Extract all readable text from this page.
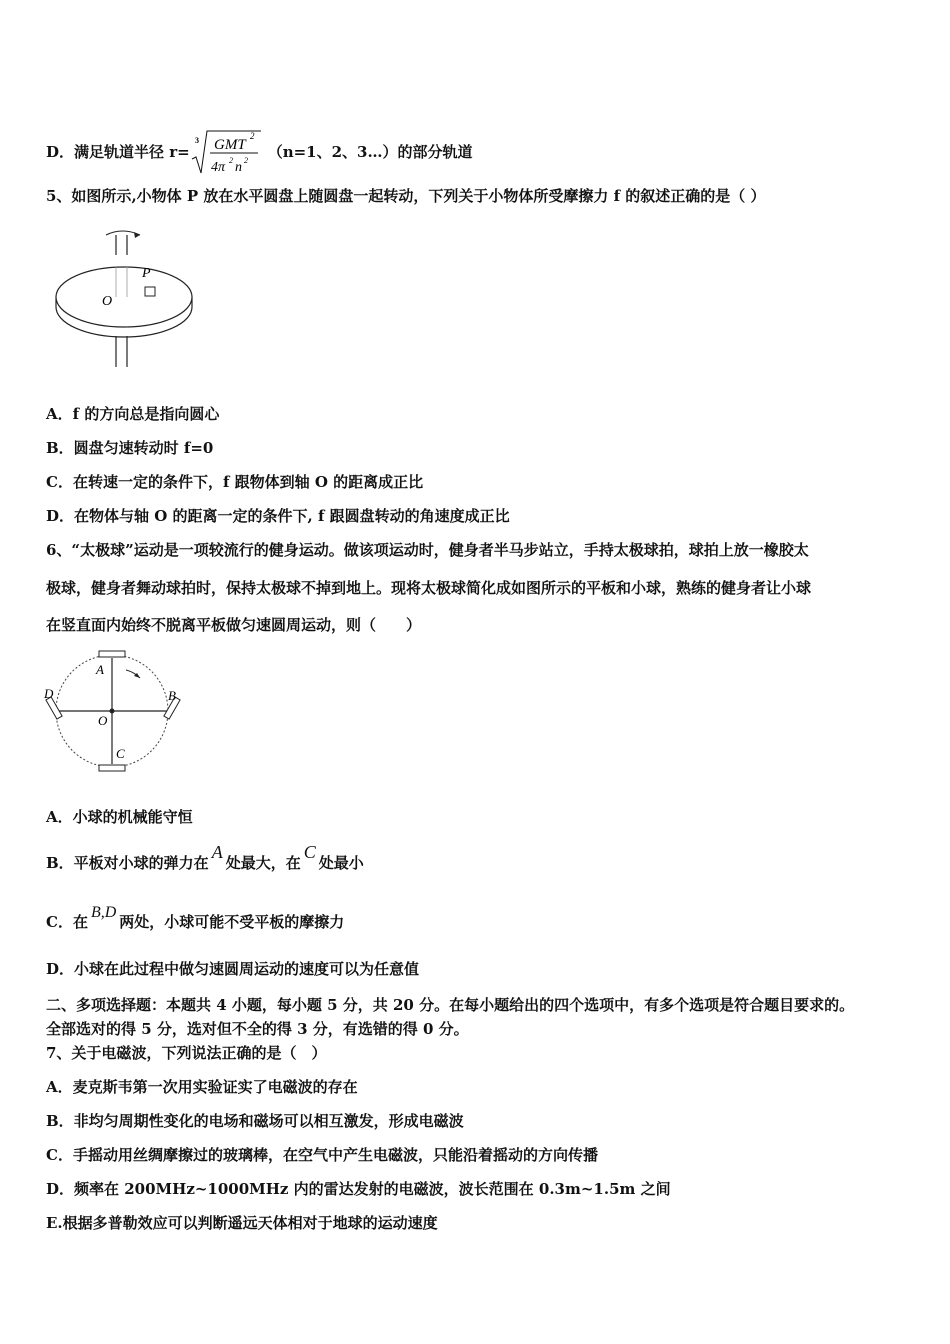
D．满足轨道半径 r=
3 GMT
2
4π 2 n 2 （n=1、2、3…）的部分轨道
5、如图所示,小物体 P 放在水平圆盘上随圆盘一起转动，下列关于小物体所受摩擦力 f 的叙述正确的是（ ）
P
O
A．f 的方向总是指向圆心
B．圆盘匀速转动时 f=0
C．在转速一定的条件下，f 跟物体到轴 O 的距离成正比
D．在物体与轴 O 的距离一定的条件下, f 跟圆盘转动的角速度成正比
6、“太极球”运动是一项较流行的健身运动。做该项运动时，健身者半马步站立，手持太极球拍，球拍上放一橡胶太
极球，健身者舞动球拍时，保持太极球不掉到地上。现将太极球简化成如图所示的平板和小球，熟练的健身者让小球
在竖直面内始终不脱离平板做匀速圆周运动，则（　　）
A
B
C
D
O
A．小球的机械能守恒
B．平板对小球的弹力在A处最大，在C处最小
C．在B,D两处，小球可能不受平板的摩擦力
D．小球在此过程中做匀速圆周运动的速度可以为任意值
二、多项选择题：本题共 4 小题，每小题 5 分，共 20 分。在每小题给出的四个选项中，有多个选项是符合题目要求的。
全部选对的得 5 分，选对但不全的得 3 分，有选错的得 0 分。
7、关于电磁波，下列说法正确的是（　）
A．麦克斯韦第一次用实验证实了电磁波的存在
B．非均匀周期性变化的电场和磁场可以相互激发，形成电磁波
C．手摇动用丝绸摩擦过的玻璃棒，在空气中产生电磁波，只能沿着摇动的方向传播
D．频率在 200MHz~1000MHz 内的雷达发射的电磁波，波长范围在 0.3m~1.5m 之间
E.根据多普勒效应可以判断遥远天体相对于地球的运动速度
